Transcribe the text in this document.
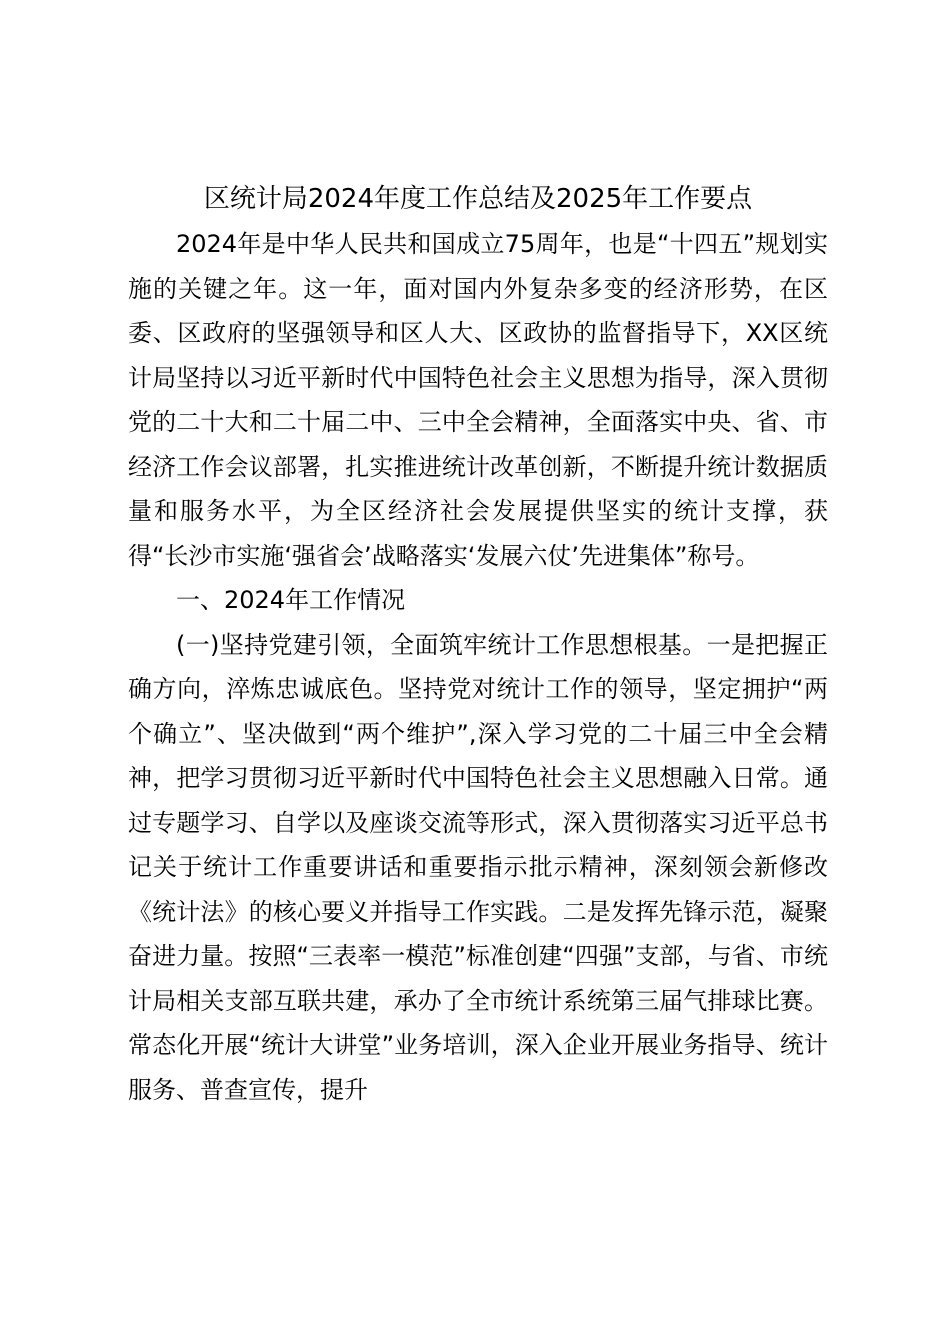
区统计局2024年度工作总结及2025年工作要点

2024年是中华人民共和国成立75周年，也是“十四五”规划实施的关键之年。这一年，面对国内外复杂多变的经济形势，在区委、区政府的坚强领导和区人大、区政协的监督指导下，XX区统计局坚持以习近平新时代中国特色社会主义思想为指导，深入贯彻党的二十大和二十届二中、三中全会精神，全面落实中央、省、市经济工作会议部署，扎实推进统计改革创新，不断提升统计数据质量和服务水平，为全区经济社会发展提供坚实的统计支撑，获得“长沙市实施‘强省会’战略落实‘发展六仗’先进集体”称号。

一、2024年工作情况

(一)坚持党建引领，全面筑牢统计工作思想根基。一是把握正确方向，淬炼忠诚底色。坚持党对统计工作的领导，坚定拥护“两个确立”、坚决做到“两个维护”,深入学习党的二十届三中全会精神，把学习贯彻习近平新时代中国特色社会主义思想融入日常。通过专题学习、自学以及座谈交流等形式，深入贯彻落实习近平总书记关于统计工作重要讲话和重要指示批示精神，深刻领会新修改《统计法》的核心要义并指导工作实践。二是发挥先锋示范，凝聚奋进力量。按照“三表率一模范”标准创建“四强”支部，与省、市统计局相关支部互联共建，承办了全市统计系统第三届气排球比赛。常态化开展“统计大讲堂”业务培训，深入企业开展业务指导、统计服务、普查宣传，提升
